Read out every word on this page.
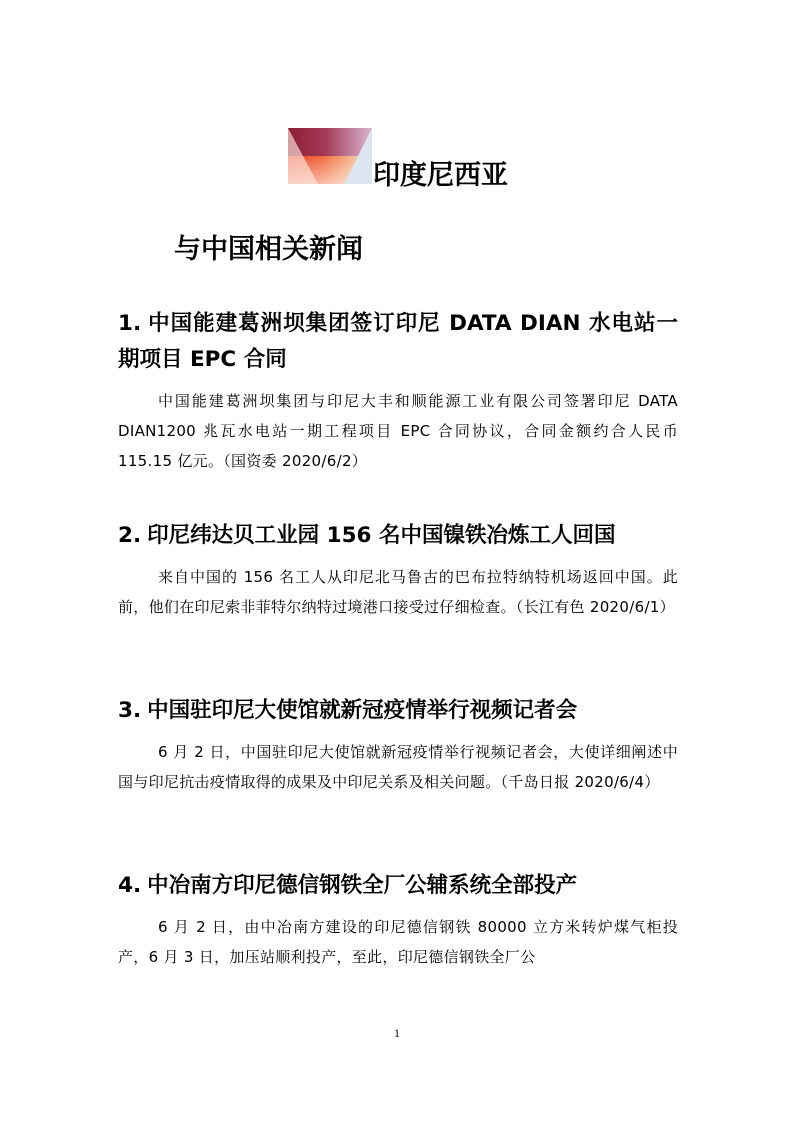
印度尼西亚
与中国相关新闻

1. 中国能建葛洲坝集团签订印尼 DATA DIAN 水电站一期项目 EPC 合同

中国能建葛洲坝集团与印尼大丰和顺能源工业有限公司签署印尼 DATA DIAN1200 兆瓦水电站一期工程项目 EPC 合同协议，合同金额约合人民币 115.15 亿元。（国资委 2020/6/2）

2. 印尼纬达贝工业园 156 名中国镍铁冶炼工人回国

来自中国的 156 名工人从印尼北马鲁古的巴布拉特纳特机场返回中国。此前，他们在印尼索非菲特尔纳特过境港口接受过仔细检查。（长江有色 2020/6/1）

3. 中国驻印尼大使馆就新冠疫情举行视频记者会

6 月 2 日，中国驻印尼大使馆就新冠疫情举行视频记者会，大使详细阐述中国与印尼抗击疫情取得的成果及中印尼关系及相关问题。（千岛日报 2020/6/4）

4. 中冶南方印尼德信钢铁全厂公辅系统全部投产

6 月 2 日，由中冶南方建设的印尼德信钢铁 80000 立方米转炉煤气柜投产，6 月 3 日，加压站顺利投产，至此，印尼德信钢铁全厂公

1
